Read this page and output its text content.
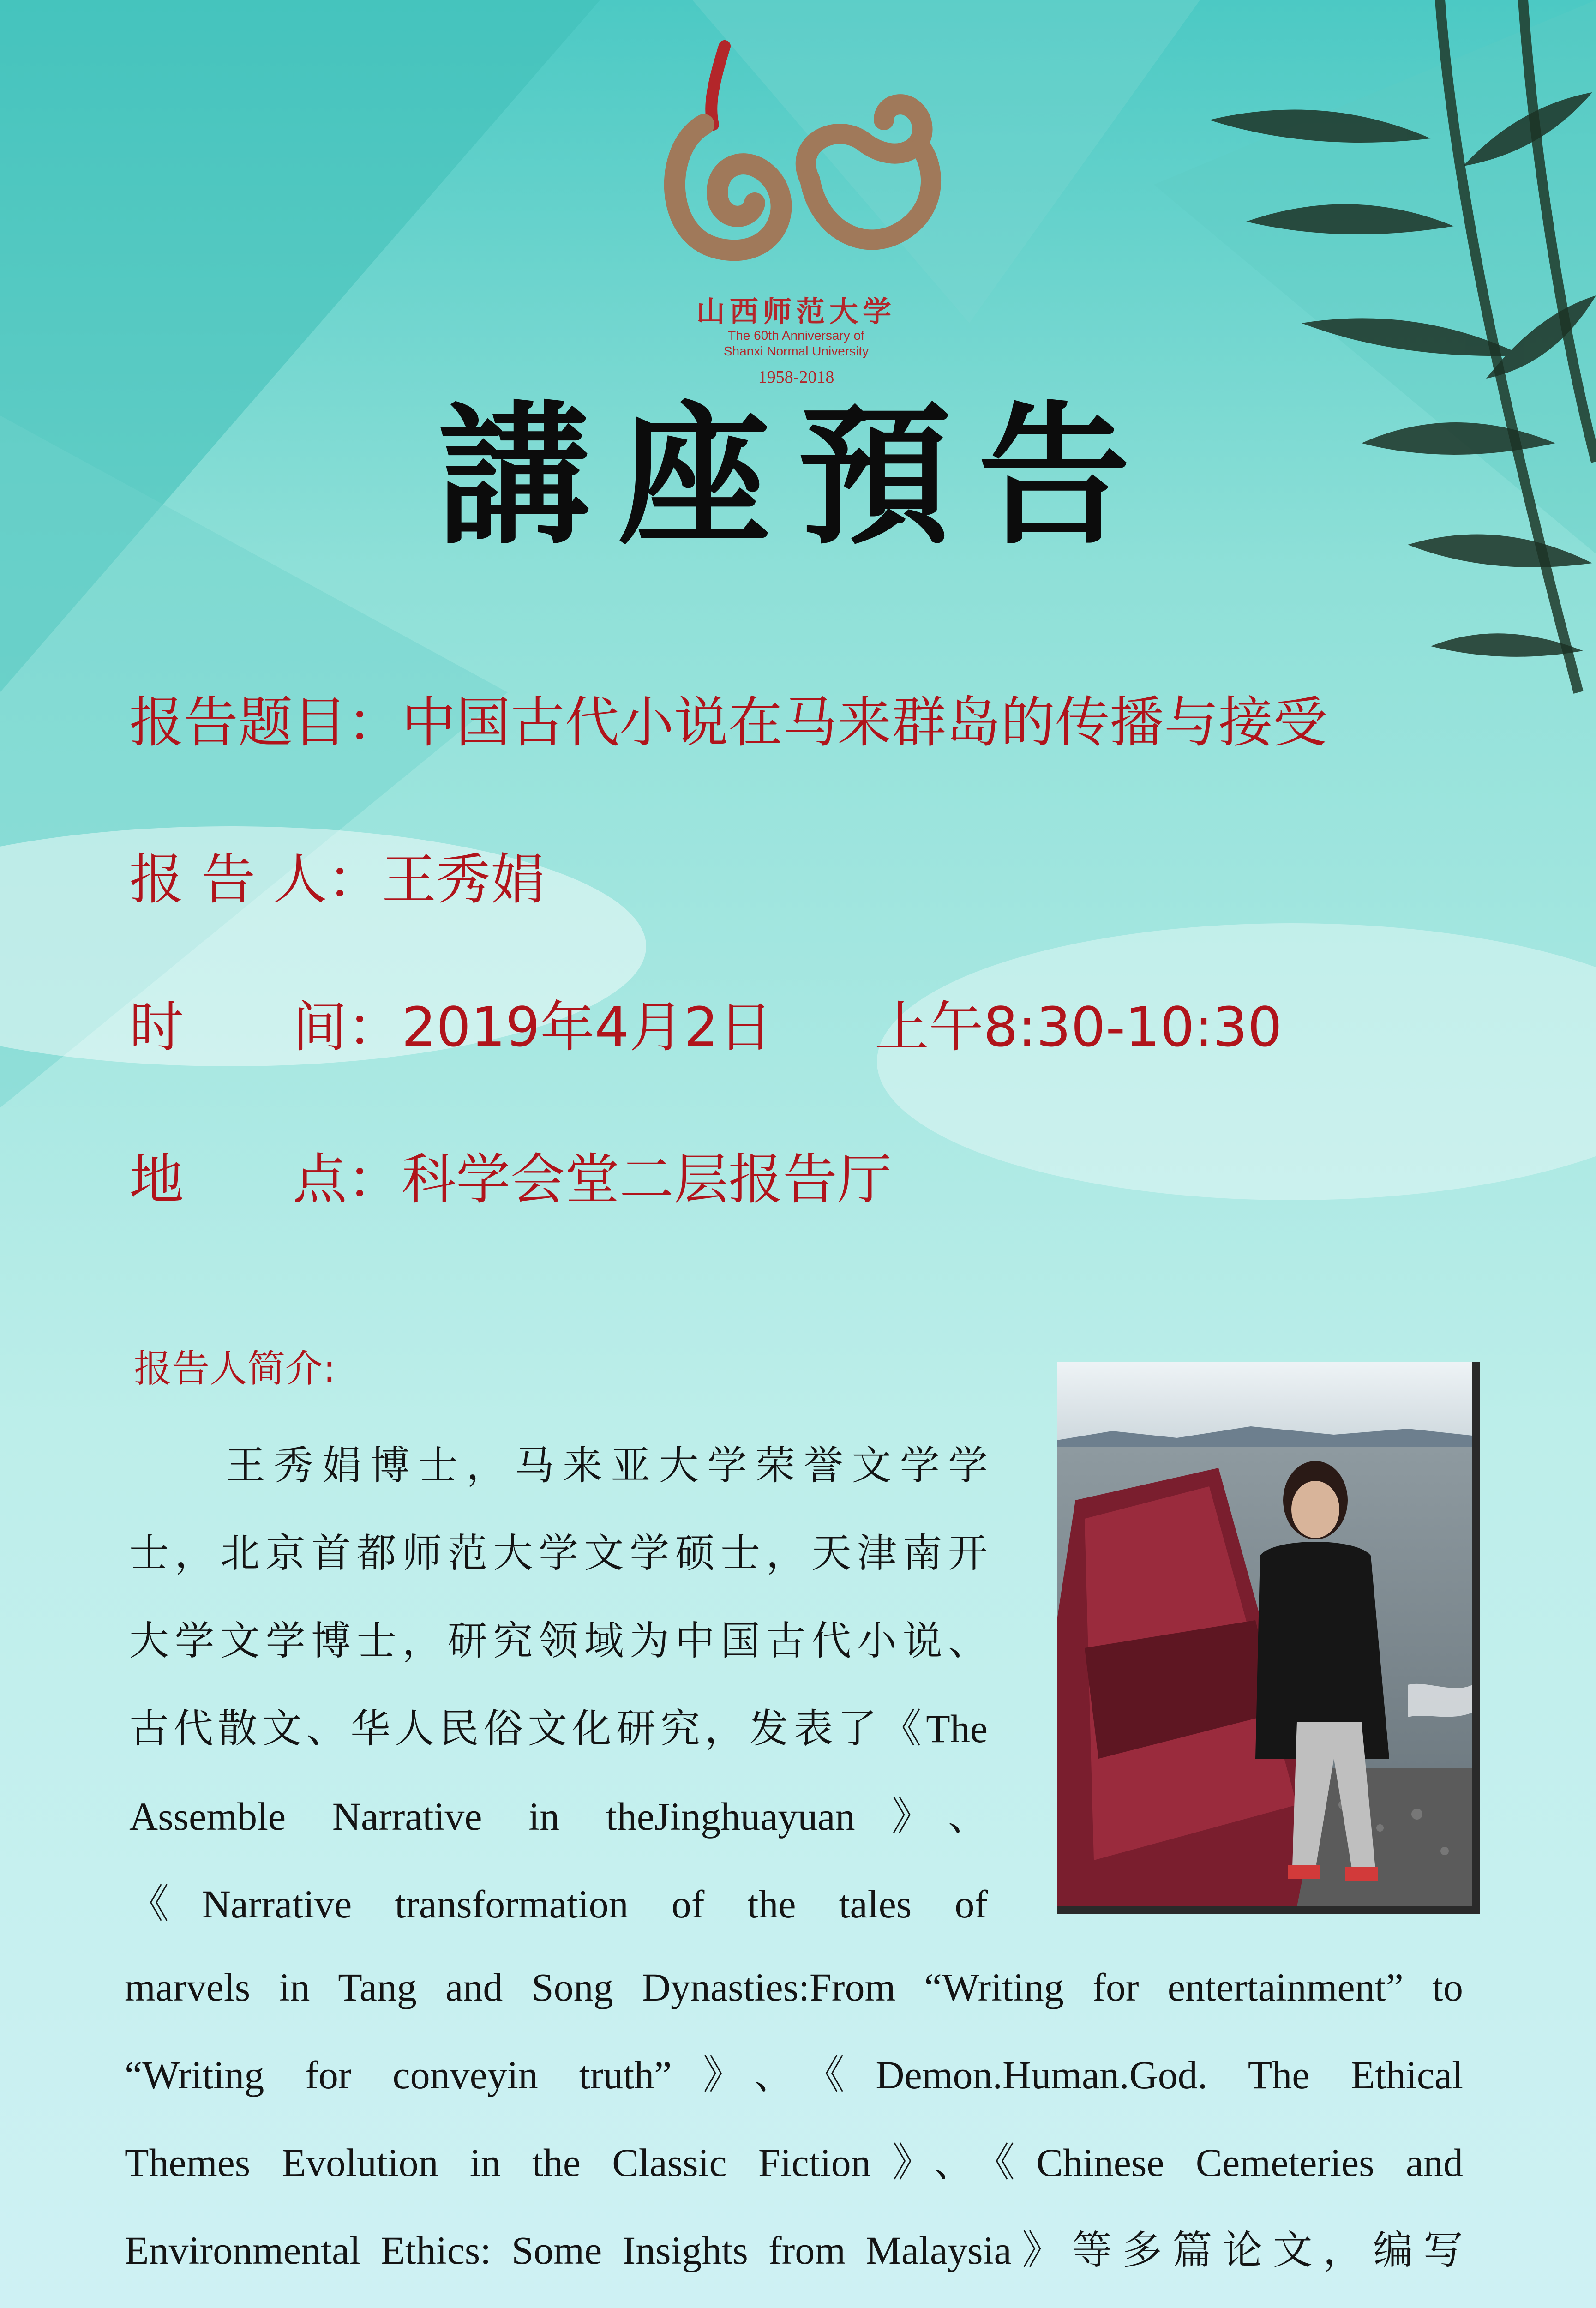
山西师范大学
The 60th Anniversary of
Shanxi Normal University
1958-2018
講座預告
报告题目：中国古代小说在马来群岛的传播与接受
报 告 人：王秀娟
时　　间：2019年4月2日 上午8:30-10:30
地　　点：科学会堂二层报告厅
报告人简介:
　　王秀娟博士，马来亚大学荣誉文学学
士，北京首都师范大学文学硕士，天津南开
大学文学博士，研究领域为中国古代小说、
古代散文、华人民俗文化研究，发表了《The
Assemble Narrative in theJinghuayuan》、
《Narrative transformation of the tales of
marvels in Tang and Song Dynasties:From “Writing for entertainment” to
“Writing for conveyin truth”》、《Demon.Human.God. The Ethical
Themes Evolution in the Classic Fiction》、《Chinese Cemeteries and
Environmental Ethics: Some Insights from Malaysia》等多篇论文，编写
